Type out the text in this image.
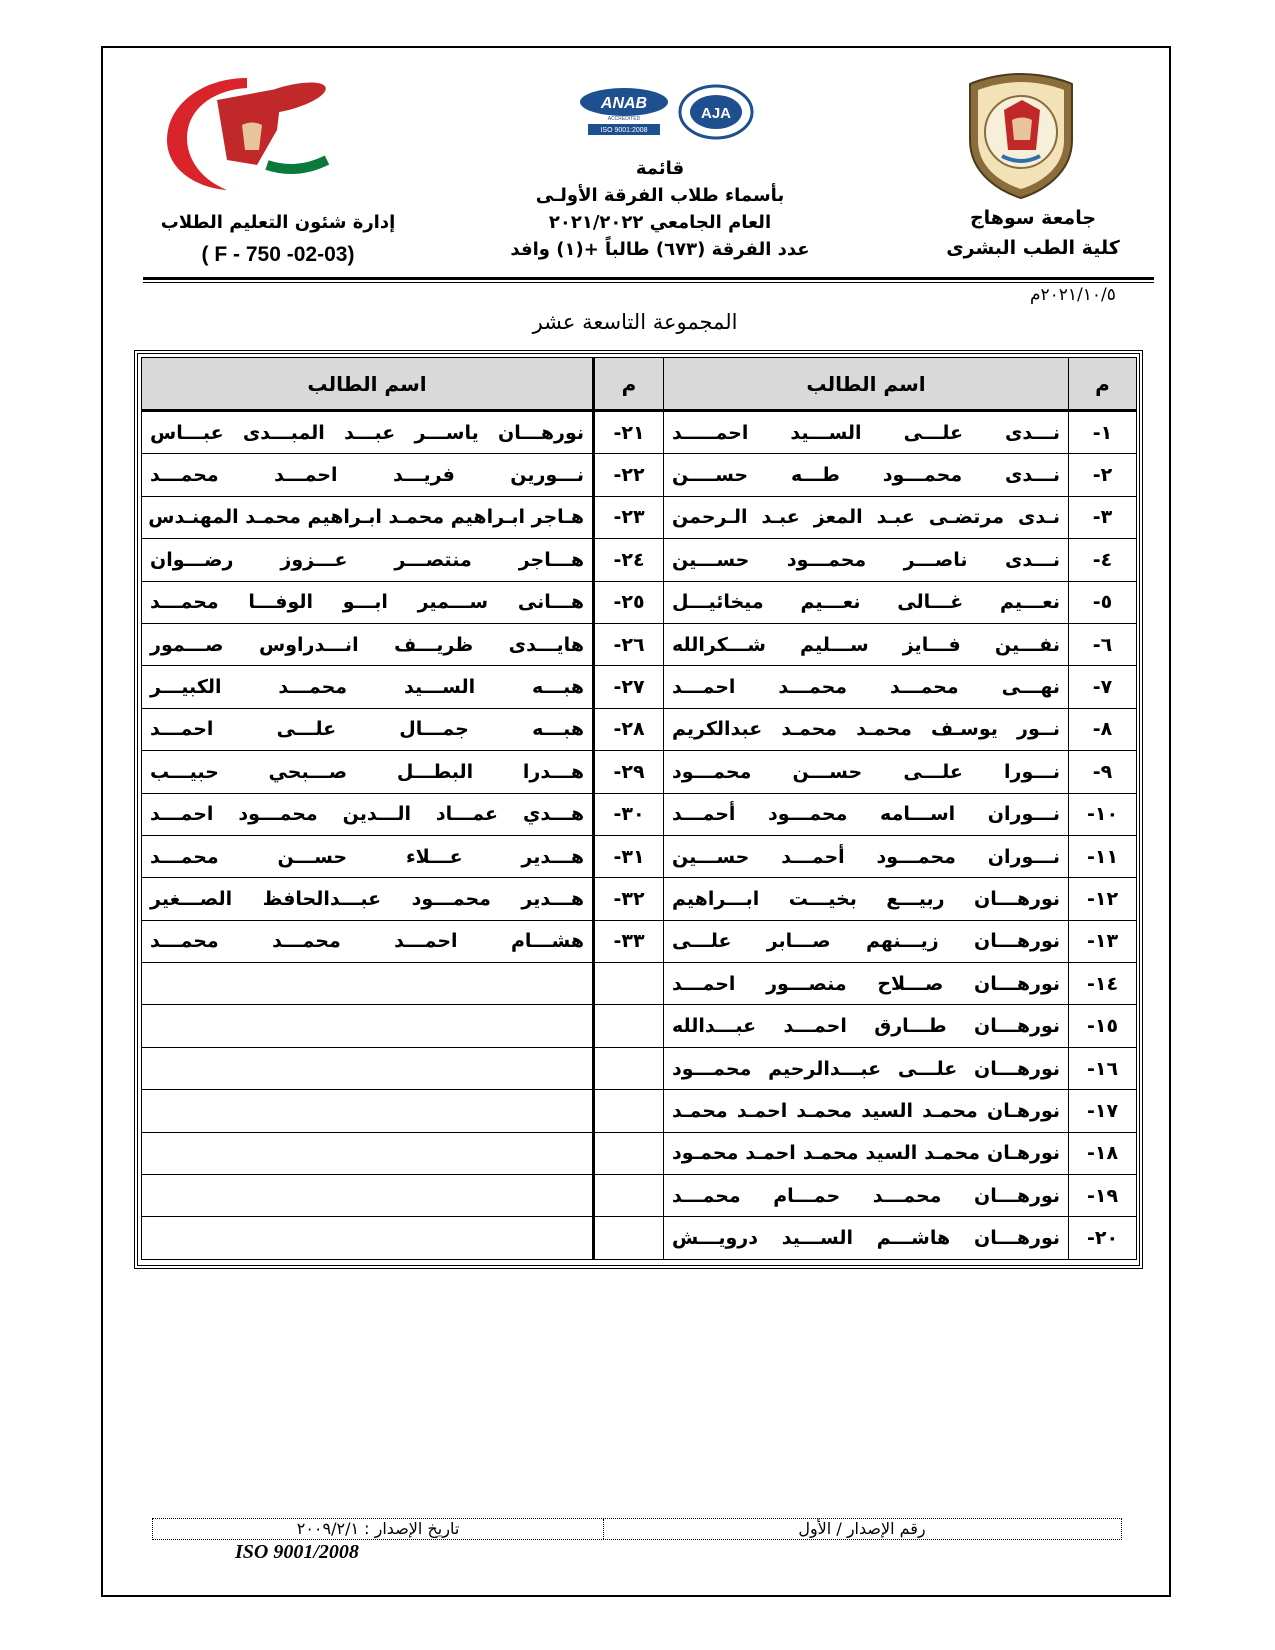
ANAB
ACCREDITED
ISO 9001:2008
AJA
جامعة سوهاج
كلية الطب البشرى
قائمة
بأسماء طلاب الفرقة الأولـى
العام الجامعي ٢٠٢١/٢٠٢٢
عدد الفرقة (٦٧٣) طالباً +(١) وافد
إدارة شئون التعليم الطلاب
( F - 750 -02-03)
٢٠٢١/١٠/٥م
المجموعة التاسعة عشر
اسم الطالب	م	اسم الطالب	م
نورهـــان ياســـر عبـــد المبـــدى عبـــاس	٢١-	نـــدى علـــى الســـيد احمـــــد	١-
نـــورين فريـــد احمـــد محمـــد	٢٢-	نـــدى محمـــود طـــه حســــن	٢-
هـاجر ابـراهيم محمـد ابـراهيم محمـد المهنـدس	٢٣-	نـدى مرتضـى عبـد المعز عبـد الـرحمن	٣-
هـــاجر منتصـــر عـــزوز رضـــوان	٢٤-	نـــدى ناصـــر محمـــود حســـين	٤-
هـــانى ســـمير ابـــو الوفـــا محمـــد	٢٥-	نعـــيم غـــالى نعـــيم ميخائيـــل	٥-
هايـــدى ظريـــف انـــدراوس صـــمور	٢٦-	نفـــين فـــايز ســـليم شـــكرالله	٦-
هبـــه الســـيد محمـــد الكبيـــر	٢٧-	نهـــى محمـــد محمـــد احمـــد	٧-
هبـــه جمـــال علـــى احمـــد	٢٨-	نــور يوسـف محمـد محمـد عبدالكريم	٨-
هـــدرا البطـــل صـــبحي حبيـــب	٢٩-	نـــورا علـــى حســـن محمـــود	٩-
هـــدي عمـــاد الـــدين محمـــود احمـــد	٣٠-	نـــوران اســـامه محمـــود أحمـــد	١٠-
هـــدير عـــلاء حســـن محمـــد	٣١-	نـــوران محمـــود أحمـــد حســـين	١١-
هـــدير محمـــود عبـــدالحافظ الصـــغير	٣٢-	نورهـــان ربيـــع بخيـــت ابـــراهيم	١٢-
هشـــام احمـــد محمـــد محمـــد	٣٣-	نورهـــان زيـــنهم صـــابر علـــى	١٣-
		نورهـــان صـــلاح منصـــور احمـــد	١٤-
		نورهـــان طـــارق احمـــد عبـــدالله	١٥-
		نورهـــان علـــى عبـــدالرحيم محمـــود	١٦-
		نورهـان محمـد السيد محمـد احمـد محمـد	١٧-
		نورهـان محمـد السيد محمـد احمـد محمـود	١٨-
		نورهـــان محمـــد حمـــام محمـــد	١٩-
		نورهـــان هاشـــم الســـيد درويـــش	٢٠-
تاريخ الإصدار : ٢٠٠٩/٢/١	رقم الإصدار / الأول
ISO 9001/2008
